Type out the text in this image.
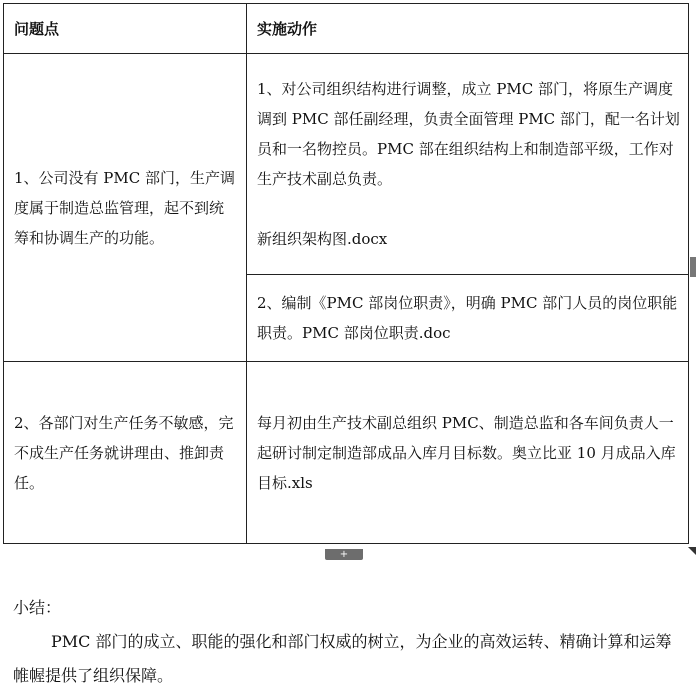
问题点	实施动作

1、公司没有 PMC 部门，生产调度属于制造总监管理，起不到统筹和协调生产的功能。	1、对公司组织结构进行调整，成立 PMC 部门，将原生产调度调到 PMC 部任副经理，负责全面管理 PMC 部门，配一名计划员和一名物控员。PMC 部在组织结构上和制造部平级，工作对生产技术副总负责。
新组织架构图.docx

	2、编制《PMC 部岗位职责》，明确 PMC 部门人员的岗位职能职责。PMC 部岗位职责.doc

2、各部门对生产任务不敏感，完不成生产任务就讲理由、推卸责任。	每月初由生产技术副总组织 PMC、制造总监和各车间负责人一起研讨制定制造部成品入库月目标数。奥立比亚 10 月成品入库目标.xls
+
小结：
PMC 部门的成立、职能的强化和部门权威的树立，为企业的高效运转、精确计算和运筹帷幄提供了组织保障。
